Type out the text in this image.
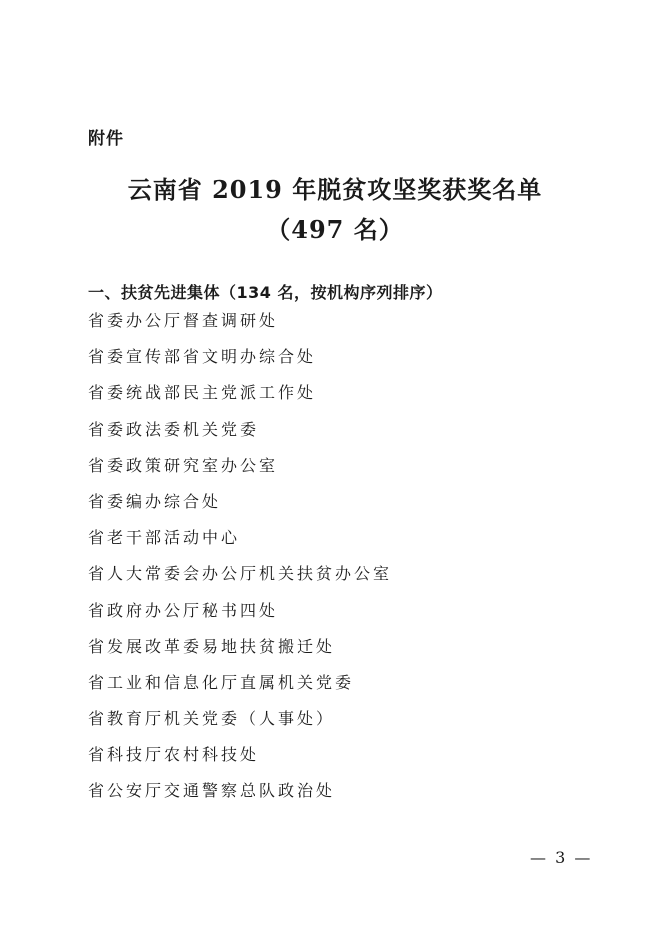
附件
云南省 2019 年脱贫攻坚奖获奖名单
（497 名）
一、扶贫先进集体（134 名，按机构序列排序）
省委办公厅督查调研处
省委宣传部省文明办综合处
省委统战部民主党派工作处
省委政法委机关党委
省委政策研究室办公室
省委编办综合处
省老干部活动中心
省人大常委会办公厅机关扶贫办公室
省政府办公厅秘书四处
省发展改革委易地扶贫搬迁处
省工业和信息化厅直属机关党委
省教育厅机关党委（人事处）
省科技厅农村科技处
省公安厅交通警察总队政治处
— 3 —
